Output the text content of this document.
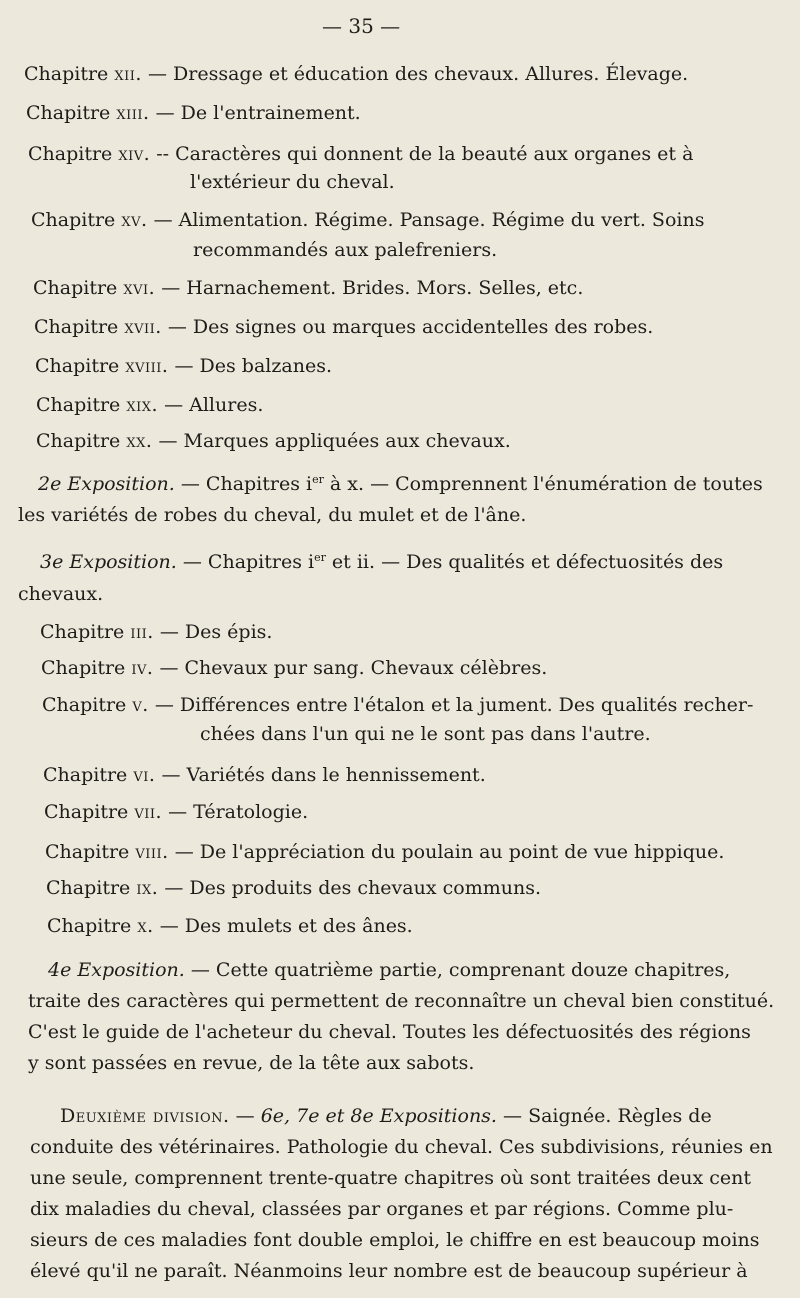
— 35 —
Chapitre xii. — Dressage et éducation des chevaux. Allures. Élevage.
Chapitre xiii. — De l'entrainement.
Chapitre xiv. -- Caractères qui donnent de la beauté aux organes et à
l'extérieur du cheval.
Chapitre xv. — Alimentation. Régime. Pansage. Régime du vert. Soins
recommandés aux palefreniers.
Chapitre xvi. — Harnachement. Brides. Mors. Selles, etc.
Chapitre xvii. — Des signes ou marques accidentelles des robes.
Chapitre xviii. — Des balzanes.
Chapitre xix. — Allures.
Chapitre xx. — Marques appliquées aux chevaux.
2e Exposition. — Chapitres $i^{er}$ à x. — Comprennent l'énumération de toutes
les variétés de robes du cheval, du mulet et de l'âne.
3e Exposition. — Chapitres $i^{er}$ et ii. — Des qualités et défectuosités des
chevaux.
Chapitre iii. — Des épis.
Chapitre iv. — Chevaux pur sang. Chevaux célèbres.
Chapitre v. — Différences entre l'étalon et la jument. Des qualités recher-
chées dans l'un qui ne le sont pas dans l'autre.
Chapitre vi. — Variétés dans le hennissement.
Chapitre vii. — Tératologie.
Chapitre viii. — De l'appréciation du poulain au point de vue hippique.
Chapitre ix. — Des produits des chevaux communs.
Chapitre x. — Des mulets et des ânes.
4e Exposition. — Cette quatrième partie, comprenant douze chapitres,
traite des caractères qui permettent de reconnaître un cheval bien constitué.
C'est le guide de l'acheteur du cheval. Toutes les défectuosités des régions
y sont passées en revue, de la tête aux sabots.
Deuxième division. — 6e, 7e et 8e Expositions. — Saignée. Règles de
conduite des vétérinaires. Pathologie du cheval. Ces subdivisions, réunies en
une seule, comprennent trente-quatre chapitres où sont traitées deux cent
dix maladies du cheval, classées par organes et par régions. Comme plu-
sieurs de ces maladies font double emploi, le chiffre en est beaucoup moins
élevé qu'il ne paraît. Néanmoins leur nombre est de beaucoup supérieur à
